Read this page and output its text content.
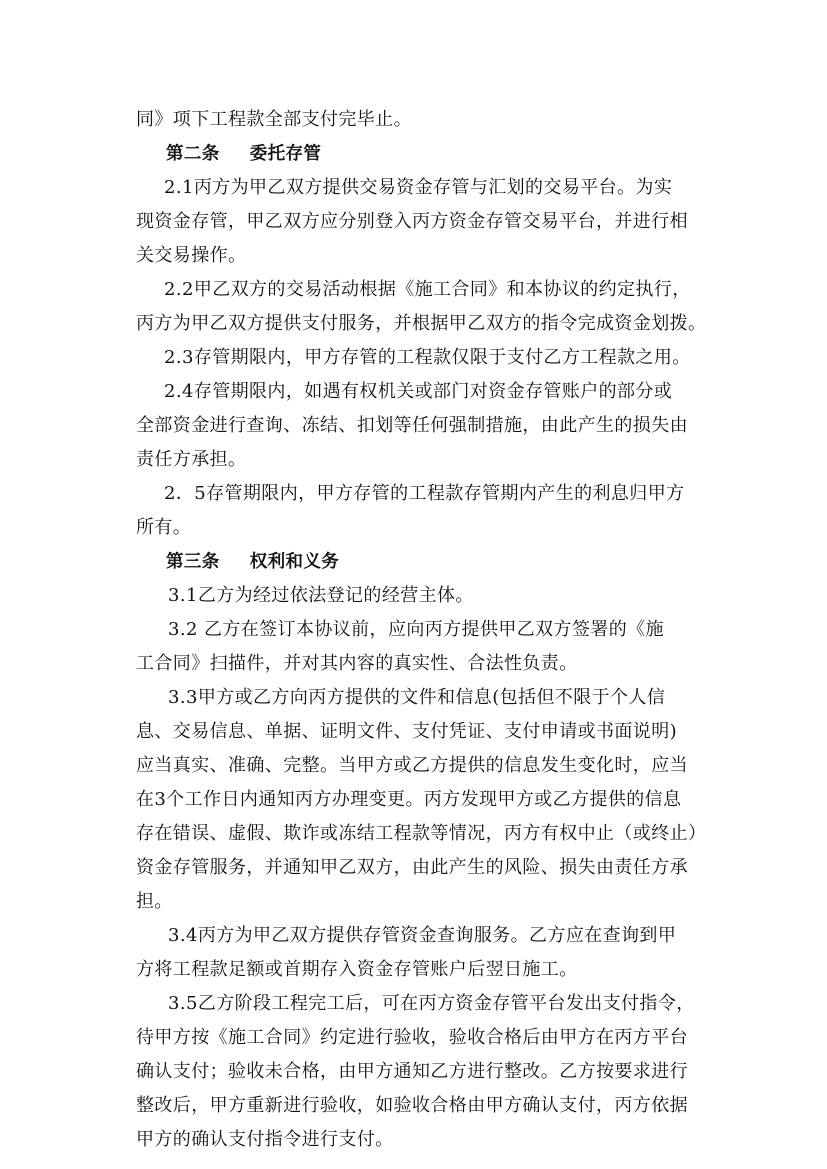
同》项下工程款全部支付完毕止。
第二条 委托存管
2.1丙方为甲乙双方提供交易资金存管与汇划的交易平台。为实
现资金存管，甲乙双方应分别登入丙方资金存管交易平台，并进行相
关交易操作。
2.2甲乙双方的交易活动根据《施工合同》和本协议的约定执行，
丙方为甲乙双方提供支付服务，并根据甲乙双方的指令完成资金划拨。
2.3存管期限内，甲方存管的工程款仅限于支付乙方工程款之用。
2.4存管期限内，如遇有权机关或部门对资金存管账户的部分或
全部资金进行查询、冻结、扣划等任何强制措施，由此产生的损失由
责任方承担。
2．5存管期限内，甲方存管的工程款存管期内产生的利息归甲方
所有。
第三条 权利和义务
3.1乙方为经过依法登记的经营主体。
3.2 乙方在签订本协议前，应向丙方提供甲乙双方签署的《施
工合同》扫描件，并对其内容的真实性、合法性负责。
3.3甲方或乙方向丙方提供的文件和信息(包括但不限于个人信
息、交易信息、单据、证明文件、支付凭证、支付申请或书面说明)
应当真实、准确、完整。当甲方或乙方提供的信息发生变化时，应当
在3个工作日内通知丙方办理变更。丙方发现甲方或乙方提供的信息
存在错误、虚假、欺诈或冻结工程款等情况，丙方有权中止（或终止）
资金存管服务，并通知甲乙双方，由此产生的风险、损失由责任方承
担。
3.4丙方为甲乙双方提供存管资金查询服务。乙方应在查询到甲
方将工程款足额或首期存入资金存管账户后翌日施工。
3.5乙方阶段工程完工后，可在丙方资金存管平台发出支付指令，
待甲方按《施工合同》约定进行验收，验收合格后由甲方在丙方平台
确认支付；验收未合格，由甲方通知乙方进行整改。乙方按要求进行
整改后，甲方重新进行验收，如验收合格由甲方确认支付，丙方依据
甲方的确认支付指令进行支付。
